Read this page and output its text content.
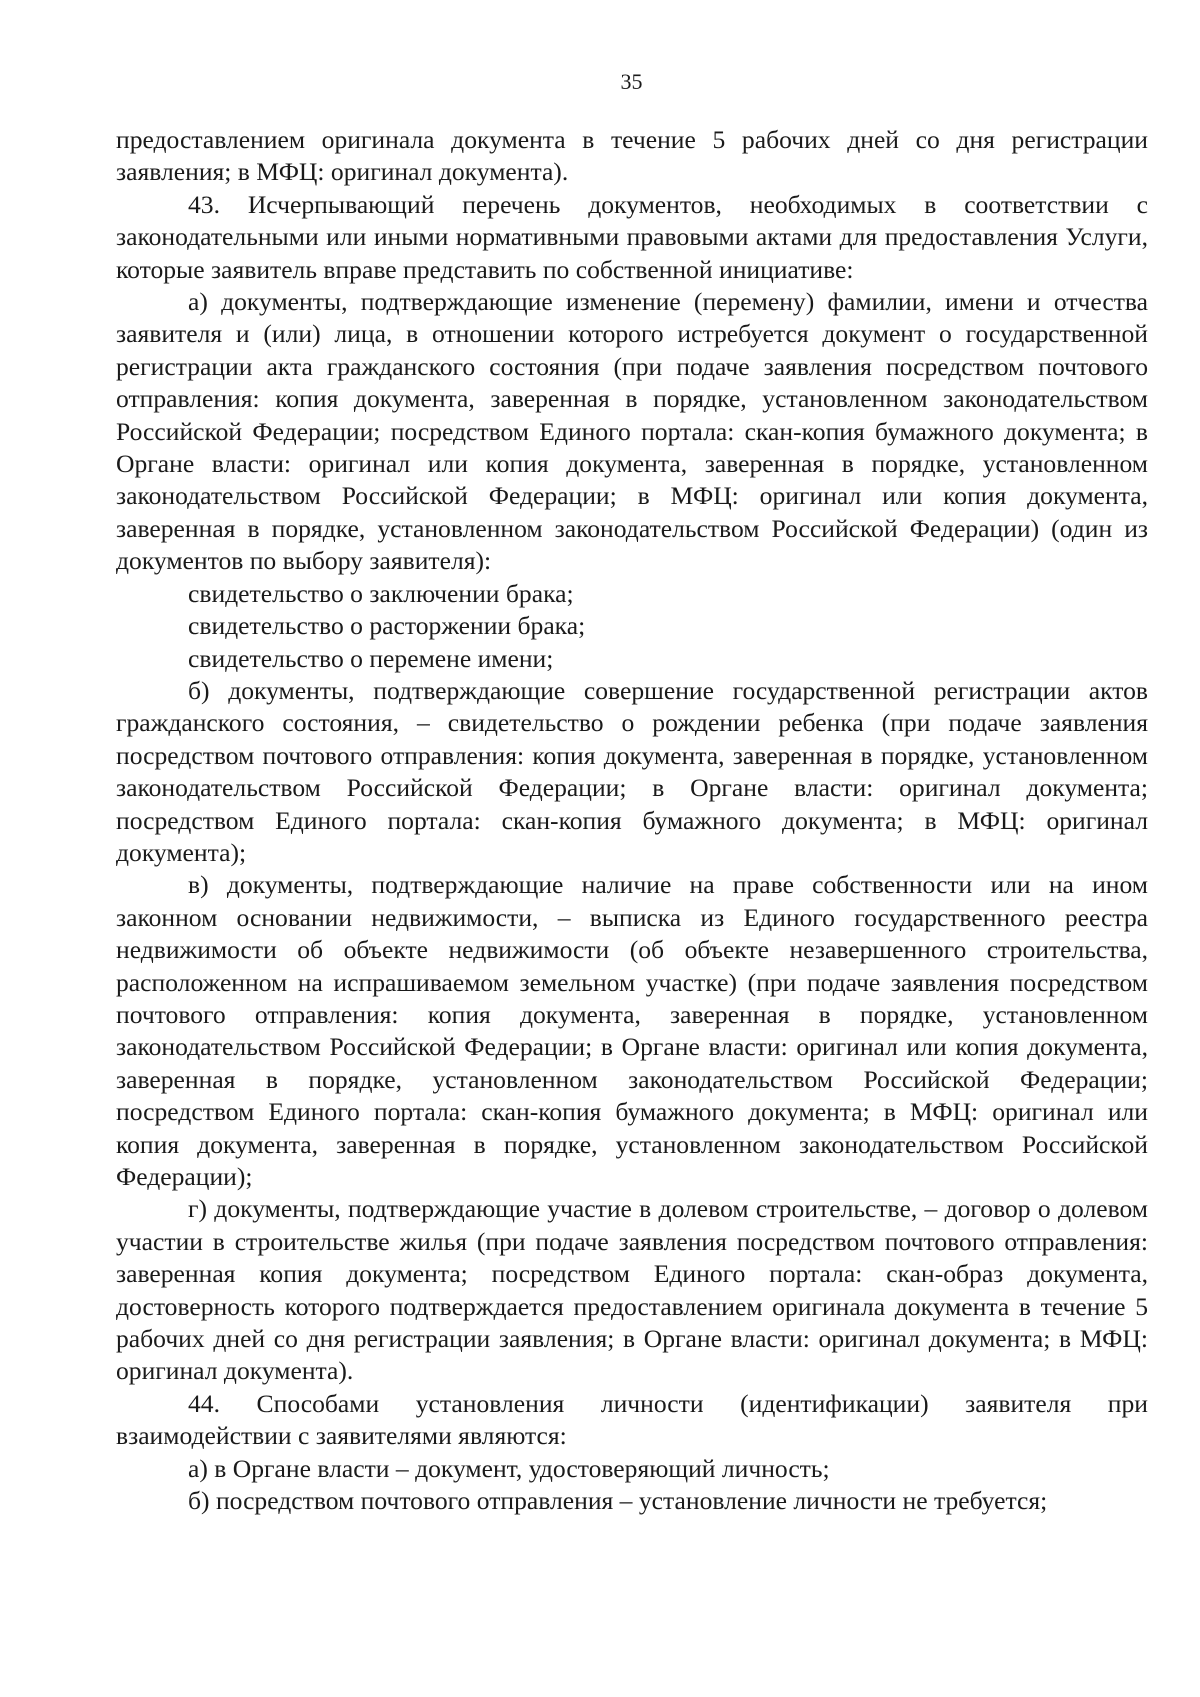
35

предоставлением оригинала документа в течение 5 рабочих дней со дня регистрации заявления; в МФЦ: оригинал документа).

43. Исчерпывающий перечень документов, необходимых в соответствии с законодательными или иными нормативными правовыми актами для предоставления Услуги, которые заявитель вправе представить по собственной инициативе:

а) документы, подтверждающие изменение (перемену) фамилии, имени и отчества заявителя и (или) лица, в отношении которого истребуется документ о государственной регистрации акта гражданского состояния (при подаче заявления посредством почтового отправления: копия документа, заверенная в порядке, установленном законодательством Российской Федерации; посредством Единого портала: скан-копия бумажного документа; в Органе власти: оригинал или копия документа, заверенная в порядке, установленном законодательством Российской Федерации; в МФЦ: оригинал или копия документа, заверенная в порядке, установленном законодательством Российской Федерации) (один из документов по выбору заявителя):

свидетельство о заключении брака;

свидетельство о расторжении брака;

свидетельство о перемене имени;

б) документы, подтверждающие совершение государственной регистрации актов гражданского состояния, – свидетельство о рождении ребенка (при подаче заявления посредством почтового отправления: копия документа, заверенная в порядке, установленном законодательством Российской Федерации; в Органе власти: оригинал документа; посредством Единого портала: скан-копия бумажного документа; в МФЦ: оригинал документа);

в) документы, подтверждающие наличие на праве собственности или на ином законном основании недвижимости, – выписка из Единого государственного реестра недвижимости об объекте недвижимости (об объекте незавершенного строительства, расположенном на испрашиваемом земельном участке) (при подаче заявления посредством почтового отправления: копия документа, заверенная в порядке, установленном законодательством Российской Федерации; в Органе власти: оригинал или копия документа, заверенная в порядке, установленном законодательством Российской Федерации; посредством Единого портала: скан-копия бумажного документа; в МФЦ: оригинал или копия документа, заверенная в порядке, установленном законодательством Российской Федерации);

г) документы, подтверждающие участие в долевом строительстве, – договор о долевом участии в строительстве жилья (при подаче заявления посредством почтового отправления: заверенная копия документа; посредством Единого портала: скан-образ документа, достоверность которого подтверждается предоставлением оригинала документа в течение 5 рабочих дней со дня регистрации заявления; в Органе власти: оригинал документа; в МФЦ: оригинал документа).

44. Способами установления личности (идентификации) заявителя при взаимодействии с заявителями являются:

а) в Органе власти – документ, удостоверяющий личность;

б) посредством почтового отправления – установление личности не требуется;
